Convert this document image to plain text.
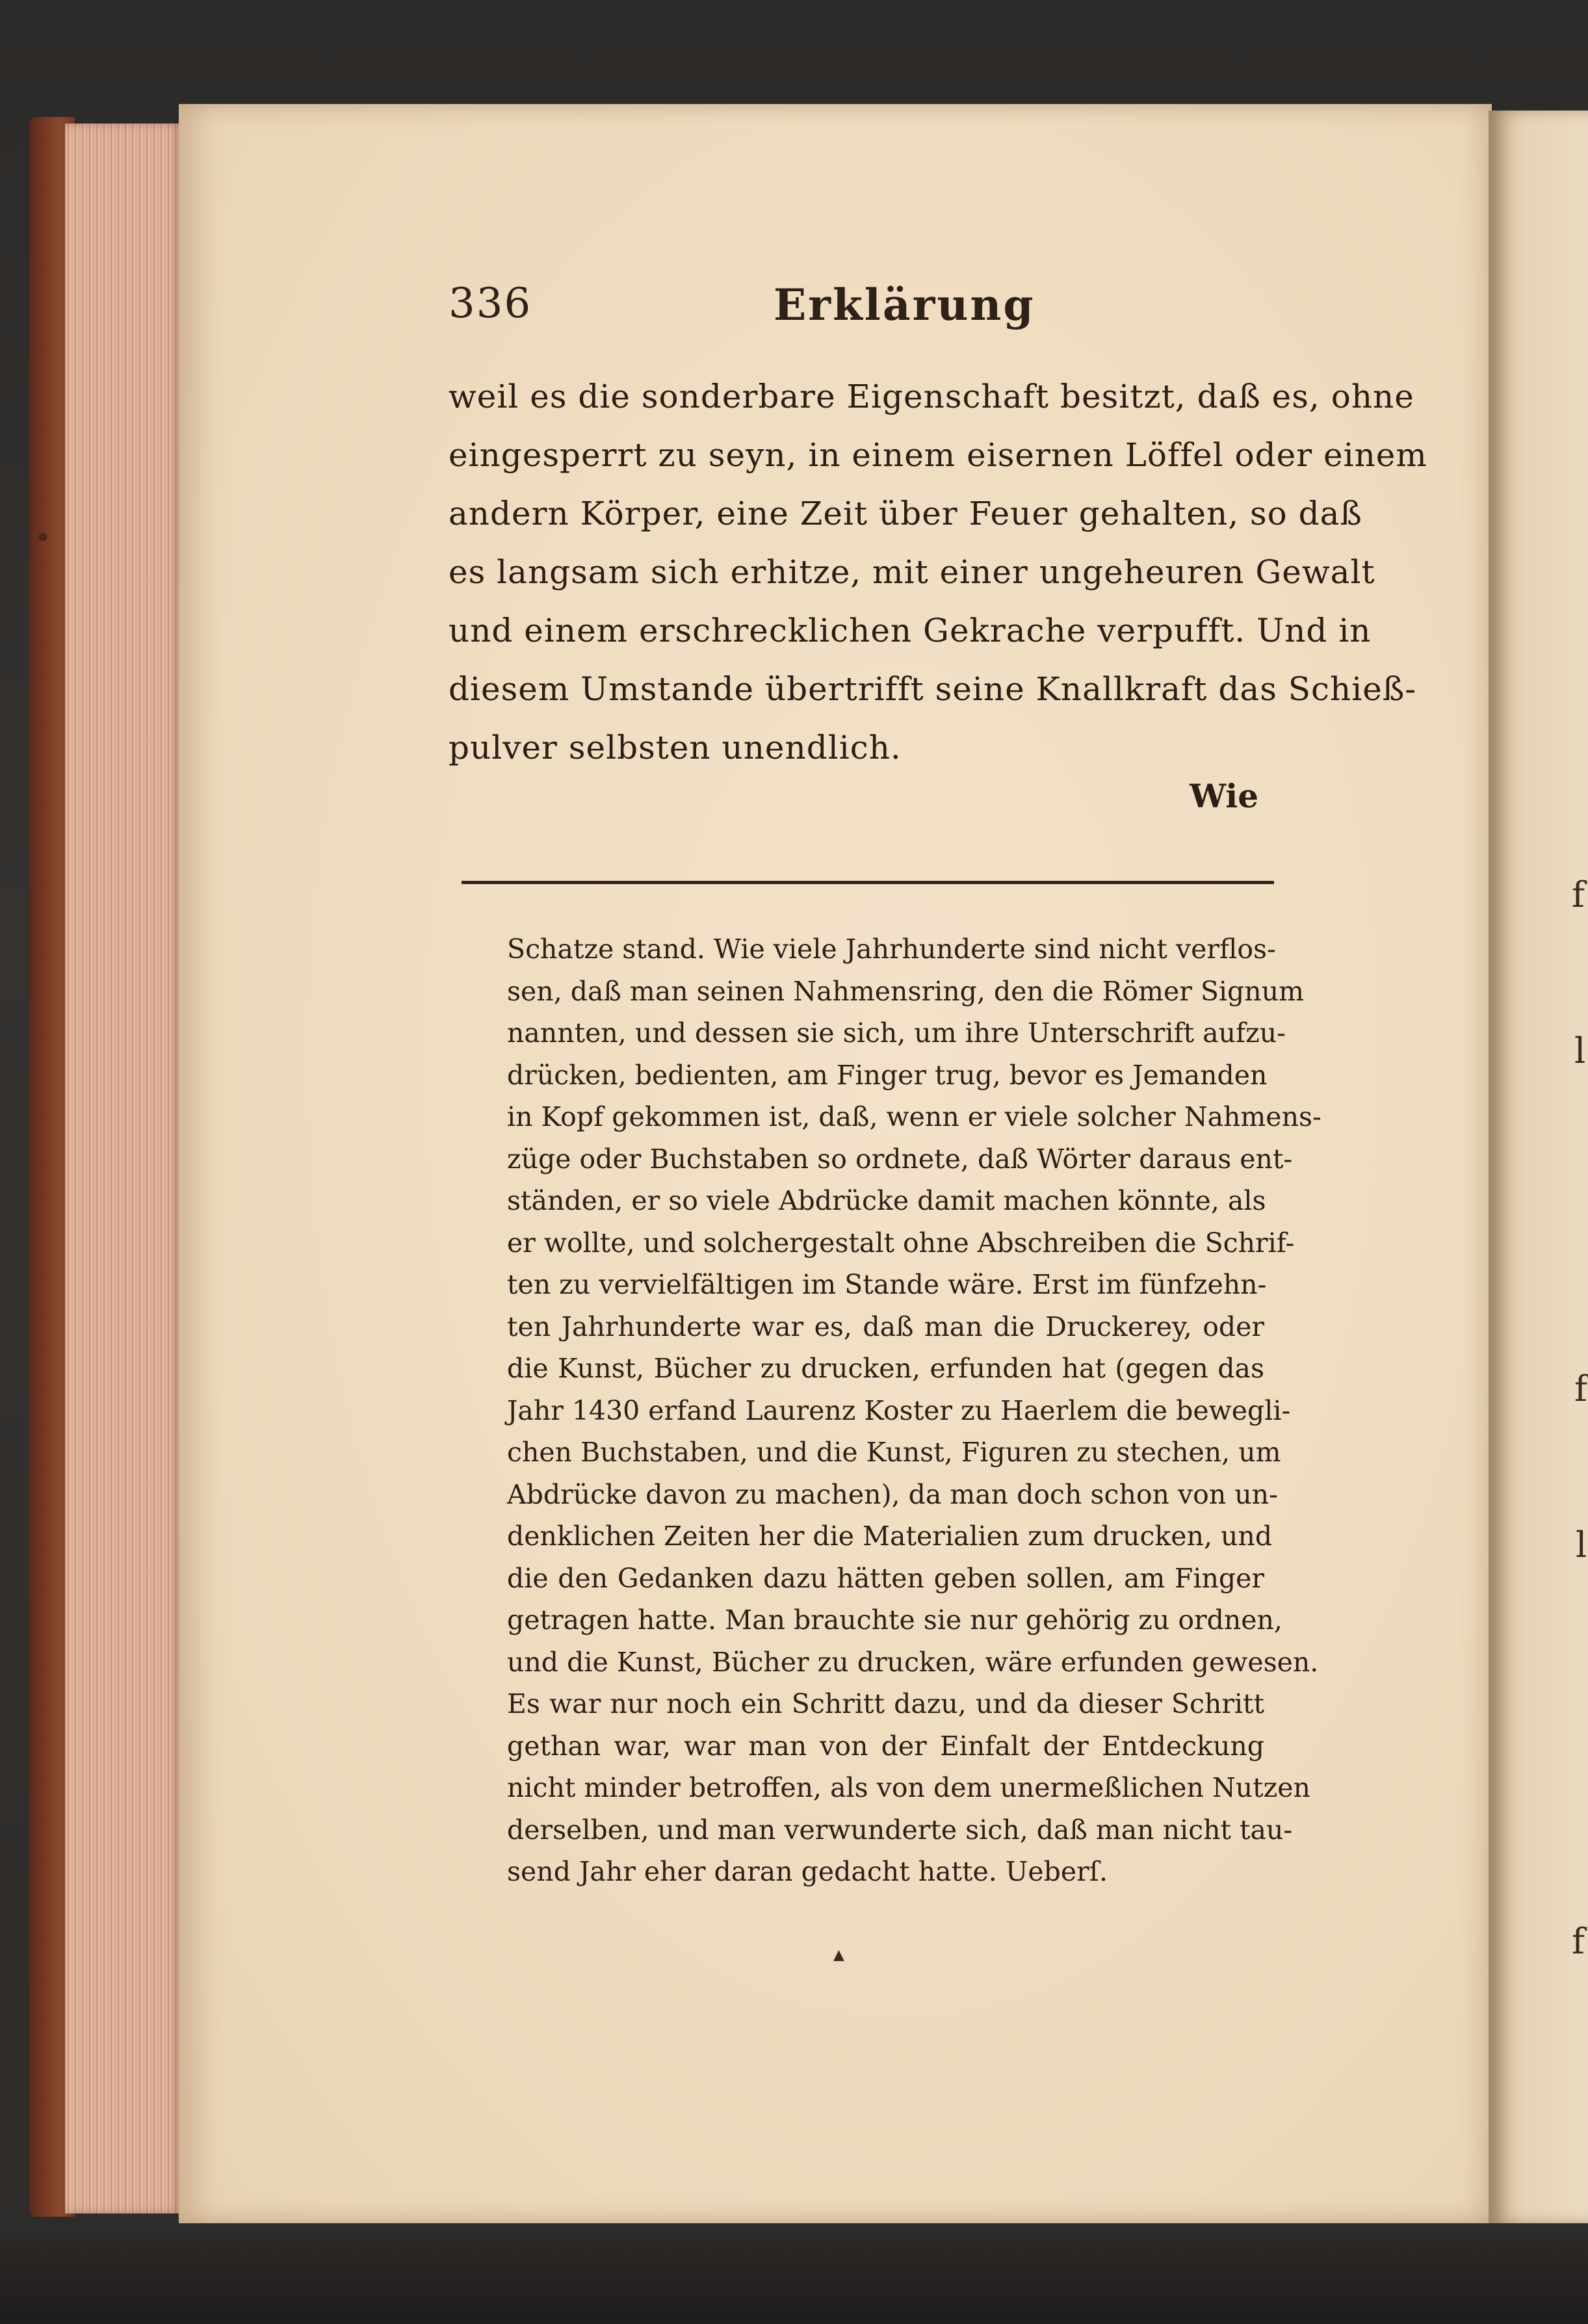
f
l
f
l
f
336	Erklärung
weil es die sonderbare Eigenschaft besitzt, daß es, ohne
eingesperrt zu seyn, in einem eisernen Löffel oder einem
andern Körper, eine Zeit über Feuer gehalten, so daß
es langsam sich erhitze, mit einer ungeheuren Gewalt
und einem erschrecklichen Gekrache verpufft. Und in
diesem Umstande übertrifft seine Knallkraft das Schieß-
pulver selbsten unendlich.
Wie
Schatze stand. Wie viele Jahrhunderte sind nicht verflos-
sen, daß man seinen Nahmensring, den die Römer Signum
nannten, und dessen sie sich, um ihre Unterschrift aufzu-
drücken, bedienten, am Finger trug, bevor es Jemanden
in Kopf gekommen ist, daß, wenn er viele solcher Nahmens-
züge oder Buchstaben so ordnete, daß Wörter daraus ent-
ständen, er so viele Abdrücke damit machen könnte, als
er wollte, und solchergestalt ohne Abschreiben die Schrif-
ten zu vervielfältigen im Stande wäre. Erst im fünfzehn-
ten Jahrhunderte war es, daß man die Druckerey, oder
die Kunst, Bücher zu drucken, erfunden hat (gegen das
Jahr 1430 erfand Laurenz Koster zu Haerlem die bewegli-
chen Buchstaben, und die Kunst, Figuren zu stechen, um
Abdrücke davon zu machen), da man doch schon von un-
denklichen Zeiten her die Materialien zum drucken, und
die den Gedanken dazu hätten geben sollen, am Finger
getragen hatte. Man brauchte sie nur gehörig zu ordnen,
und die Kunst, Bücher zu drucken, wäre erfunden gewesen.
Es war nur noch ein Schritt dazu, und da dieser Schritt
gethan war, war man von der Einfalt der Entdeckung
nicht minder betroffen, als von dem unermeßlichen Nutzen
derselben, und man verwunderte sich, daß man nicht tau-
send Jahr eher daran gedacht hatte. Ueberſ.
▲
